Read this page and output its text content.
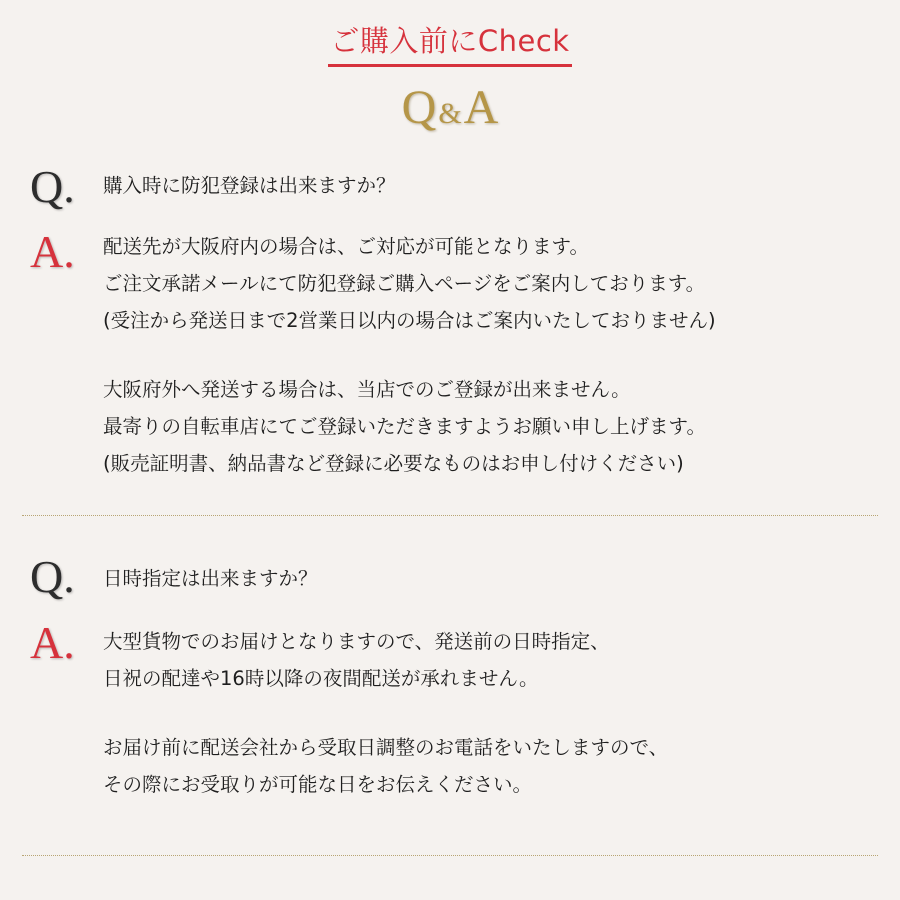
ご購入前にCheck
Q&A
Q. 購入時に防犯登録は出来ますか？
A. 配送先が大阪府内の場合は、ご対応が可能となります。
ご注文承諾メールにて防犯登録ご購入ページをご案内しております。
(受注から発送日まで2営業日以内の場合はご案内いたしておりません)
大阪府外へ発送する場合は、当店でのご登録が出来ません。
最寄りの自転車店にてご登録いただきますようお願い申し上げます。
(販売証明書、納品書など登録に必要なものはお申し付けください)
Q. 日時指定は出来ますか？
A. 大型貨物でのお届けとなりますので、発送前の日時指定、
日祝の配達や16時以降の夜間配送が承れません。
お届け前に配送会社から受取日調整のお電話をいたしますので、
その際にお受取りが可能な日をお伝えください。
